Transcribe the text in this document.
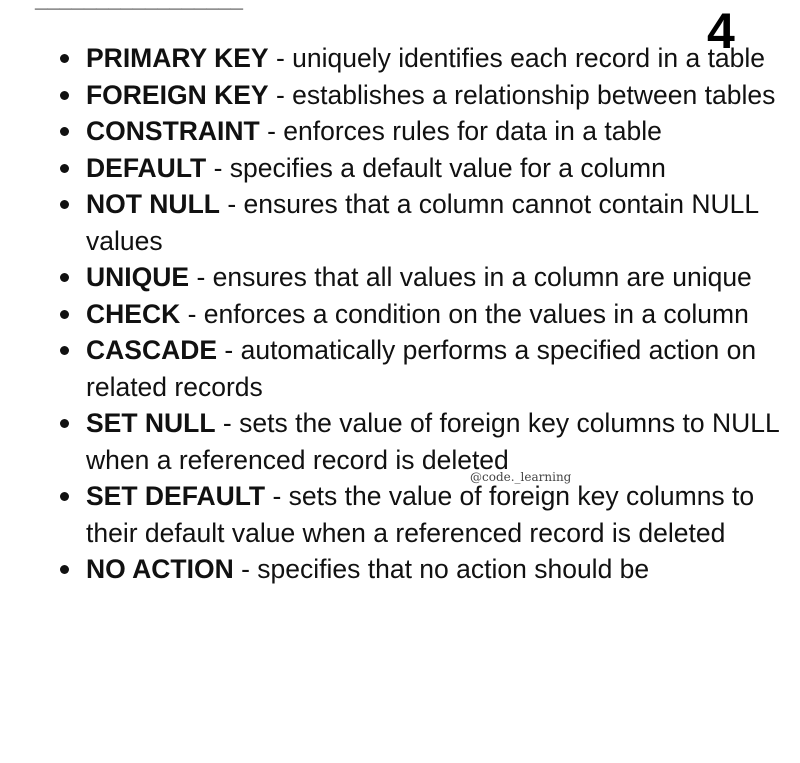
4
PRIMARY KEY - uniquely identifies each record in a table
FOREIGN KEY - establishes a relationship between tables
CONSTRAINT - enforces rules for data in a table
DEFAULT - specifies a default value for a column
NOT NULL - ensures that a column cannot contain NULL values
UNIQUE - ensures that all values in a column are unique
CHECK - enforces a condition on the values in a column
CASCADE - automatically performs a specified action on related records
SET NULL - sets the value of foreign key columns to NULL when a referenced record is deleted
SET DEFAULT - sets the value of foreign key columns to their default value when a referenced record is deleted
NO ACTION - specifies that no action should be
@code._learning
